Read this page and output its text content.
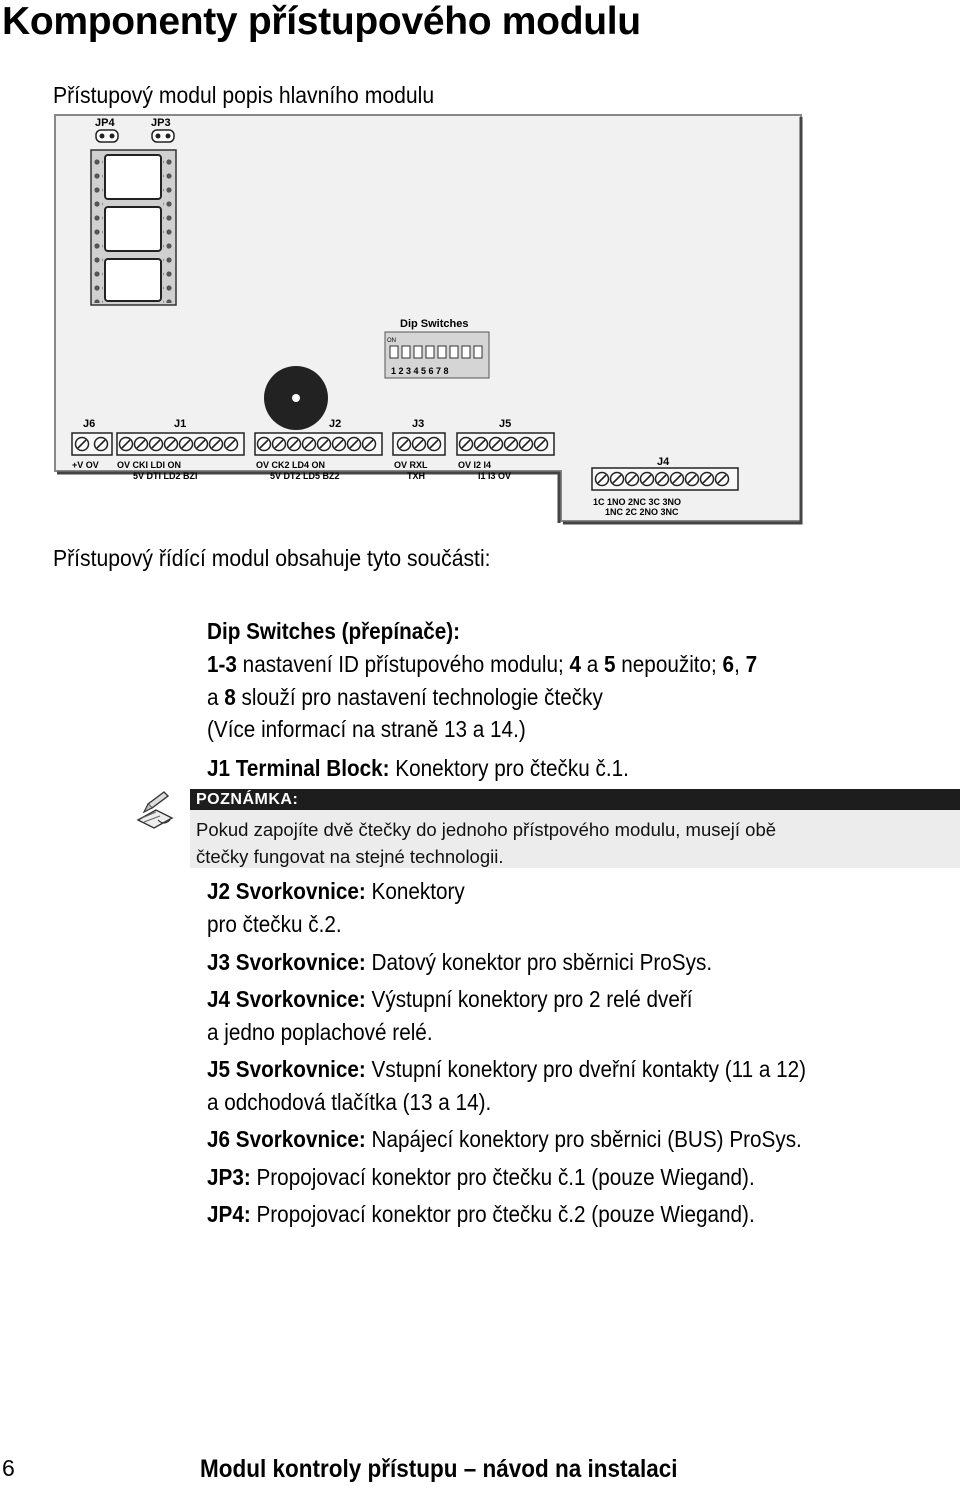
Komponenty přístupového modulu
Přístupový modul popis hlavního modulu
JP4	JP3
Dip Switches
ON
1 2 3 4 5 6 7 8
J6	J1	J2	J3	J5
J4
+V OV OV CKI LDI ON
5V DTI LD2 BZI
OV CK2 LD4 ON
5V DT2 LD5 BZ2
OV RXL
TXH
OV I2 I4
I1 I3 OV
1C 1NO 2NC 3C 3NO
1NC 2C 2NO 3NC
Přístupový řídící modul obsahuje tyto součásti:
Dip Switches (přepínače):
1-3 nastavení ID přístupového modulu; 4 a 5 nepoužito; 6, 7
a 8 slouží pro nastavení technologie čtečky
(Více informací na straně 13 a 14.)
J1 Terminal Block: Konektory pro čtečku č.1.
POZNÁMKA:
Pokud zapojíte dvě čtečky do jednoho přístpového modulu, musejí obě
čtečky fungovat na stejné technologii.
J2 Svorkovnice: Konektory
pro čtečku č.2.
J3 Svorkovnice: Datový konektor pro sběrnici ProSys.
J4 Svorkovnice: Výstupní konektory pro 2 relé dveří
a jedno poplachové relé.
J5 Svorkovnice: Vstupní konektory pro dveřní kontakty (11 a 12)
a odchodová tlačítka (13 a 14).
J6 Svorkovnice: Napájecí konektory pro sběrnici (BUS) ProSys.
JP3: Propojovací konektor pro čtečku č.1 (pouze Wiegand).
JP4: Propojovací konektor pro čtečku č.2 (pouze Wiegand).
6	Modul kontroly přístupu – návod na instalaci
